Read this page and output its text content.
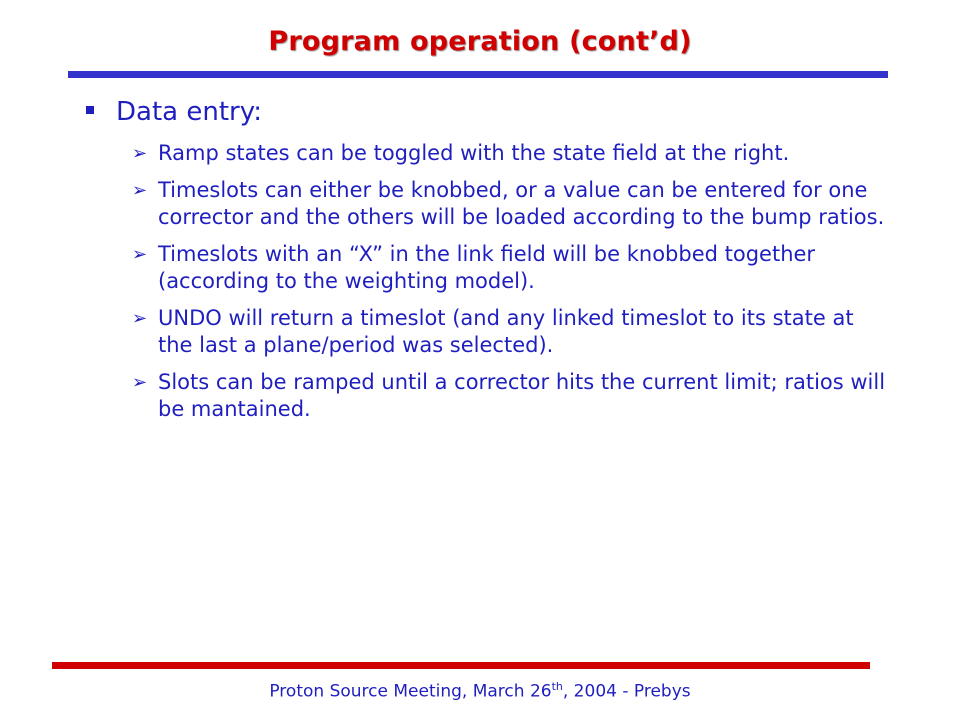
Program operation (cont’d)
Data entry:
➢ Ramp states can be toggled with the state field at the right.
➢ Timeslots can either be knobbed, or a value can be entered for one corrector and the others will be loaded according to the bump ratios.
➢ Timeslots with an “X” in the link field will be knobbed together (according to the weighting model).
➢ UNDO will return a timeslot (and any linked timeslot to its state at the last a plane/period was selected).
➢ Slots can be ramped until a corrector hits the current limit; ratios will be mantained.
Proton Source Meeting, March 26th, 2004 - Prebys
